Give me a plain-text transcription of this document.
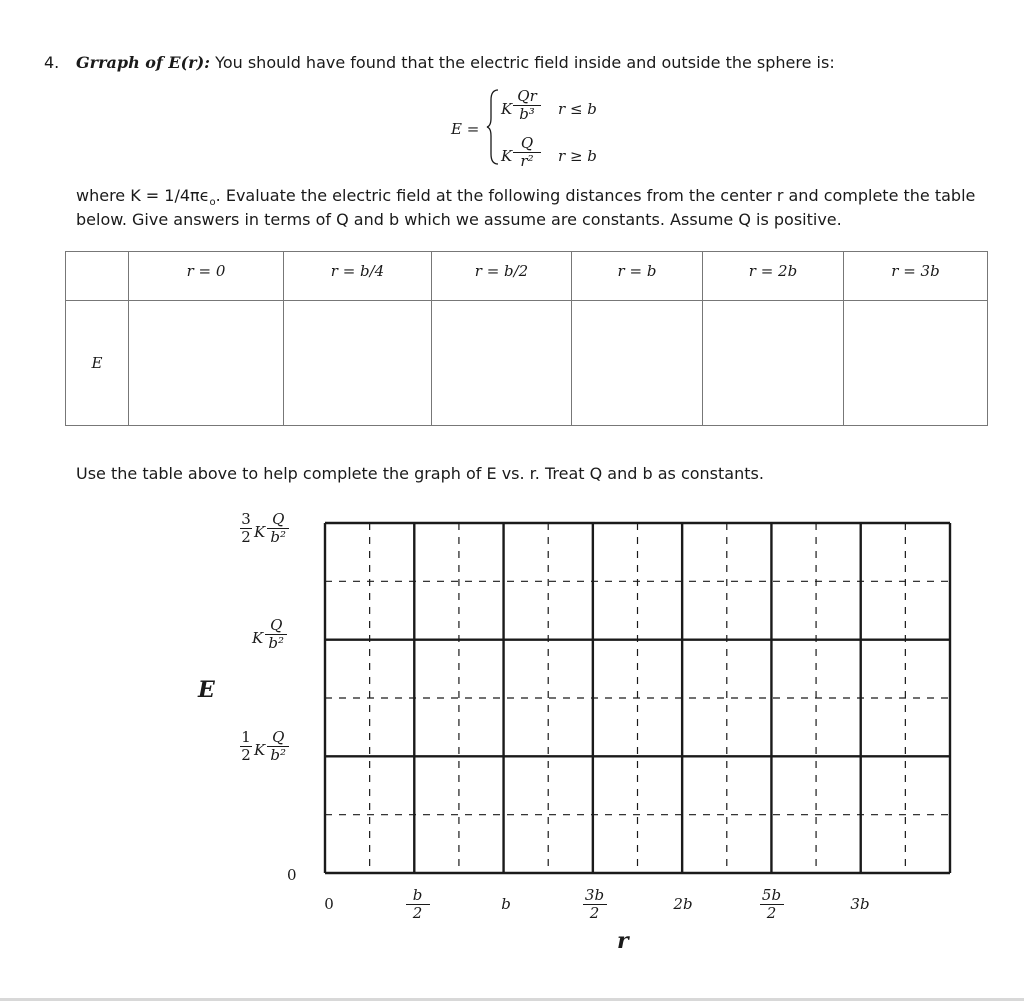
4. Grraph of E(r): You should have found that the electric field inside and outside the sphere is:
E =
K
Qr
b³ r ≤ b
K
Q
r² r ≥ b
where $K = 1/4\pi\epsilon_o$. Evaluate the electric field at the following distances from the center r and complete the table
below. Give answers in terms of Q and b which we assume are constants. Assume Q is positive.
	r = 0	r = b/4	r = b/2	r = b	r = 2b	r = 3b
E						
Use the table above to help complete the graph of E vs. r. Treat Q and b as constants.
E
$\frac{3}{2}$ K $\frac{Q}{\text{b²}}$
K $\frac{Q}{\text{b²}}$
$\frac{1}{2}$ K $\frac{Q}{\text{b²}}$
0
0	$\frac{b}{2}$	b	$\frac{3b}{2}$	2b	$\frac{5b}{2}$	3b
r
